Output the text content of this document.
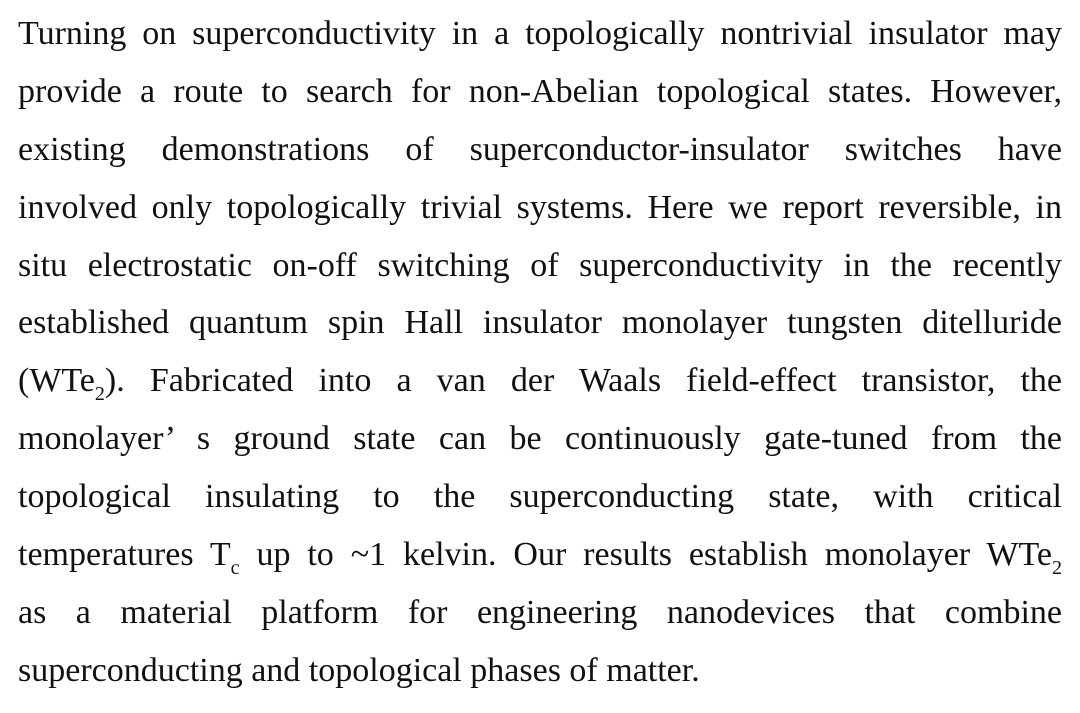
Turning on superconductivity in a topologically nontrivial insulator may
provide a route to search for non-Abelian topological states. However,
existing demonstrations of superconductor-insulator switches have
involved only topologically trivial systems. Here we report reversible, in
situ electrostatic on-off switching of superconductivity in the recently
established quantum spin Hall insulator monolayer tungsten ditelluride
(WTe$_2$). Fabricated into a van der Waals field-effect transistor, the
monolayer’ s ground state can be continuously gate-tuned from the
topological insulating to the superconducting state, with critical
temperatures $T_c$ up to ~1 kelvin. Our results establish monolayer WTe$_2$
as a material platform for engineering nanodevices that combine
superconducting and topological phases of matter.
